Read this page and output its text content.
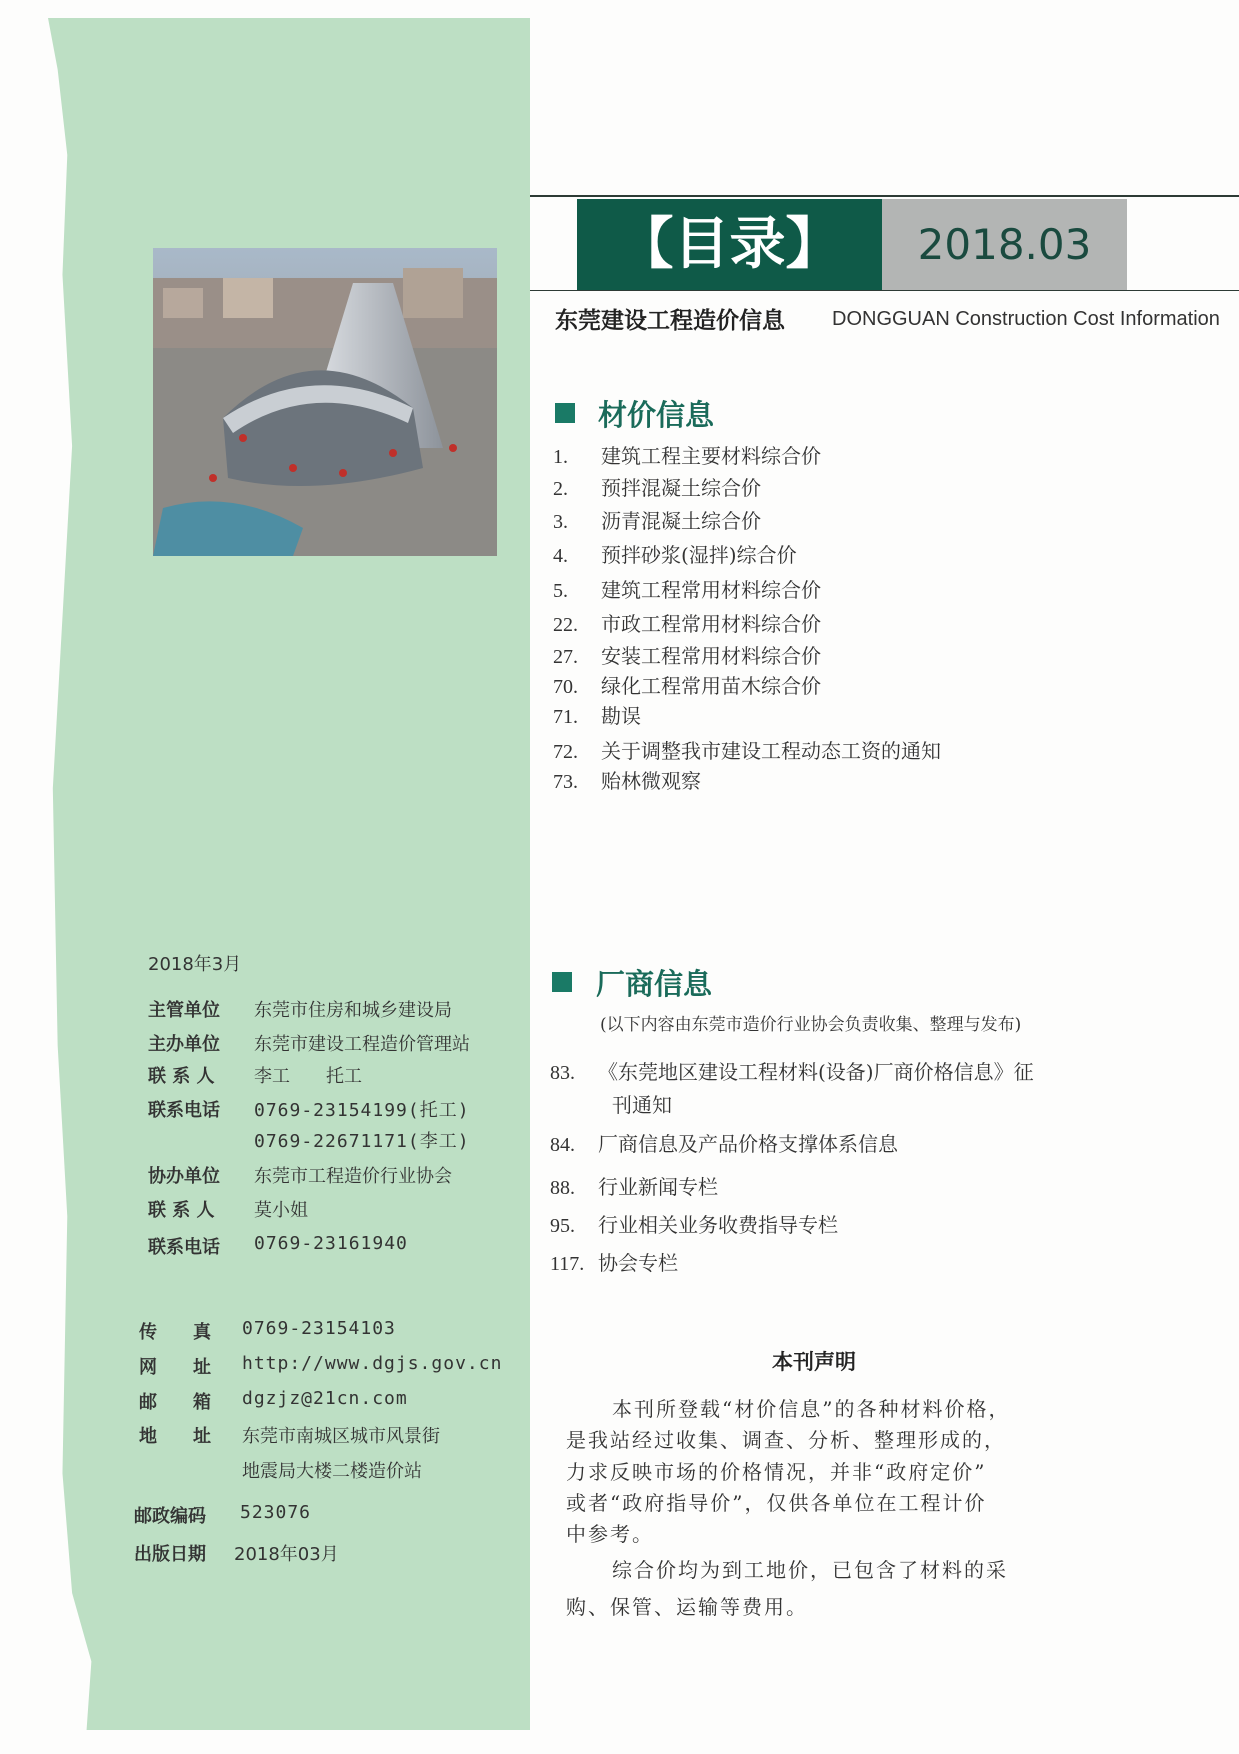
2018年3月
主管单位 东莞市住房和城乡建设局
主办单位 东莞市建设工程造价管理站
联 系 人 李工　　托工
联系电话 0769-23154199(托工)
0769-22671171(李工)
协办单位 东莞市工程造价行业协会
联 系 人 莫小姐
联系电话 0769-23161940
传　　真 0769-23154103
网　　址 http://www.dgjs.gov.cn
邮　　箱 dgzjz@21cn.com
地　　址 东莞市南城区城市风景街
地震局大楼二楼造价站
邮政编码 523076
出版日期 2018年03月
【目录】	2018.03
东莞建设工程造价信息 DONGGUAN Construction Cost Information
材价信息
1. 建筑工程主要材料综合价
2. 预拌混凝土综合价
3. 沥青混凝土综合价
4. 预拌砂浆(湿拌)综合价
5. 建筑工程常用材料综合价
22. 市政工程常用材料综合价
27. 安装工程常用材料综合价
70. 绿化工程常用苗木综合价
71. 勘误
72. 关于调整我市建设工程动态工资的通知
73. 贻林微观察
厂商信息
(以下内容由东莞市造价行业协会负责收集、整理与发布)
83. 《东莞地区建设工程材料(设备)厂商价格信息》征
刊通知
84. 厂商信息及产品价格支撑体系信息
88. 行业新闻专栏
95. 行业相关业务收费指导专栏
117. 协会专栏
本刊声明
本刊所登载“材价信息”的各种材料价格，
是我站经过收集、调查、分析、整理形成的，
力求反映市场的价格情况，并非“政府定价”
或者“政府指导价”，仅供各单位在工程计价
中参考。
综合价均为到工地价，已包含了材料的采
购、保管、运输等费用。
